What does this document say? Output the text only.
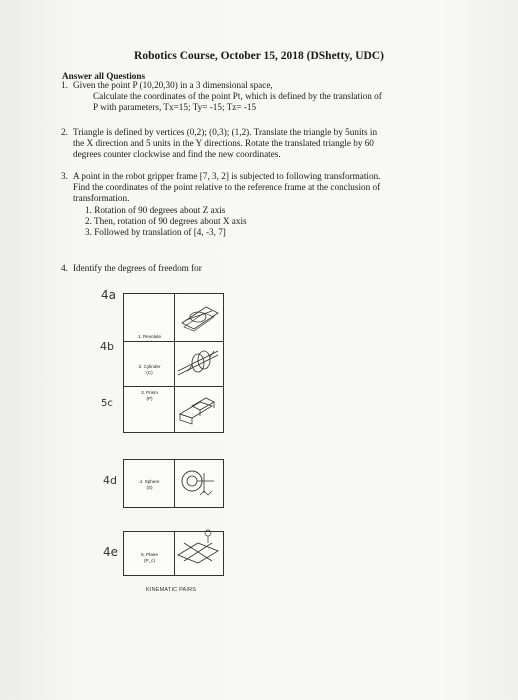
Robotics Course, October 15, 2018 (DShetty, UDC)
Answer all Questions
1. Given the point P (10,20,30) in a 3 dimensional space,
Calculate the coordinates of the point Pt, which is defined by the translation of
P with parameters, Tx=15; Ty= -15; Tz= -15
2. Triangle is defined by vertices (0,2); (0,3); (1,2). Translate the triangle by 5units in
the X direction and 5 units in the Y directions. Rotate the translated triangle by 60
degrees counter clockwise and find the new coordinates.
3. A point in the robot gripper frame [7, 3, 2] is subjected to following transformation.
Find the coordinates of the point relative to the reference frame at the conclusion of
transformation.
1. Rotation of 90 degrees about Z axis
2. Then, rotation of 90 degrees about X axis
3. Followed by translation of [4, -3, 7]
4. Identify the degrees of freedom for
4a
4b
5c
4d
4e
1. Revolute

2. Cylinder
(C)
3. Prism
(P)
4. Sphere
(S)
5. Plane
(P_c)
KINEMATIC PAIRS
